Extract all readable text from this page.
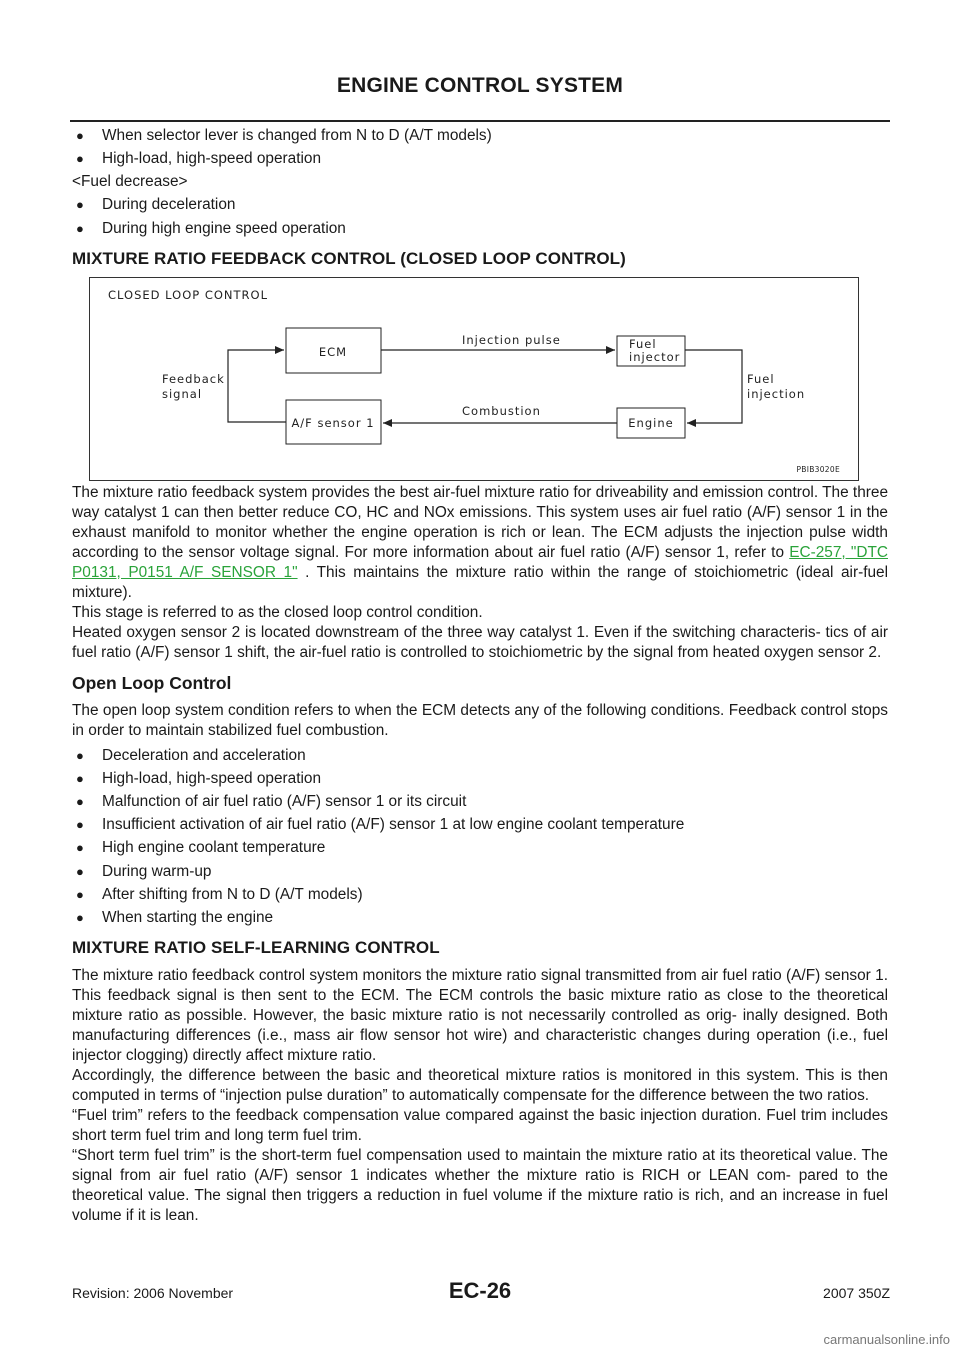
ENGINE CONTROL SYSTEM
● When selector lever is changed from N to D (A/T models)
● High-load, high-speed operation
<Fuel decrease>
● During deceleration
● During high engine speed operation
MIXTURE RATIO FEEDBACK CONTROL (CLOSED LOOP CONTROL)
CLOSED LOOP CONTROL
ECM
A/F sensor 1
Fuel
injector
Engine
Injection pulse
Combustion
Feedback
signal
Fuel
injection
PBIB3020E

The mixture ratio feedback system provides the best air-fuel mixture ratio for driveability and emission control. The three way catalyst 1 can then better reduce CO, HC and NOx emissions. This system uses air fuel ratio (A/F) sensor 1 in the exhaust manifold to monitor whether the engine operation is rich or lean. The ECM adjusts the injection pulse width according to the sensor voltage signal. For more information about air fuel ratio (A/F) sensor 1, refer to EC-257, "DTC P0131, P0151 A/F SENSOR 1" . This maintains the mixture ratio within the range of stoichiometric (ideal air-fuel mixture).

This stage is referred to as the closed loop control condition.

Heated oxygen sensor 2 is located downstream of the three way catalyst 1. Even if the switching characteris- tics of air fuel ratio (A/F) sensor 1 shift, the air-fuel ratio is controlled to stoichiometric by the signal from heated oxygen sensor 2.

Open Loop Control

The open loop system condition refers to when the ECM detects any of the following conditions. Feedback control stops in order to maintain stabilized fuel combustion.

● Deceleration and acceleration
● High-load, high-speed operation
● Malfunction of air fuel ratio (A/F) sensor 1 or its circuit
● Insufficient activation of air fuel ratio (A/F) sensor 1 at low engine coolant temperature
● High engine coolant temperature
● During warm-up
● After shifting from N to D (A/T models)
● When starting the engine
MIXTURE RATIO SELF-LEARNING CONTROL

The mixture ratio feedback control system monitors the mixture ratio signal transmitted from air fuel ratio (A/F) sensor 1. This feedback signal is then sent to the ECM. The ECM controls the basic mixture ratio as close to the theoretical mixture ratio as possible. However, the basic mixture ratio is not necessarily controlled as orig- inally designed. Both manufacturing differences (i.e., mass air flow sensor hot wire) and characteristic changes during operation (i.e., fuel injector clogging) directly affect mixture ratio.

Accordingly, the difference between the basic and theoretical mixture ratios is monitored in this system. This is then computed in terms of “injection pulse duration” to automatically compensate for the difference between the two ratios.

“Fuel trim” refers to the feedback compensation value compared against the basic injection duration. Fuel trim includes short term fuel trim and long term fuel trim.

“Short term fuel trim” is the short-term fuel compensation used to maintain the mixture ratio at its theoretical value. The signal from air fuel ratio (A/F) sensor 1 indicates whether the mixture ratio is RICH or LEAN com- pared to the theoretical value. The signal then triggers a reduction in fuel volume if the mixture ratio is rich, and an increase in fuel volume if it is lean.

Revision: 2006 November	EC-26	2007 350Z
carmanualsonline.info
